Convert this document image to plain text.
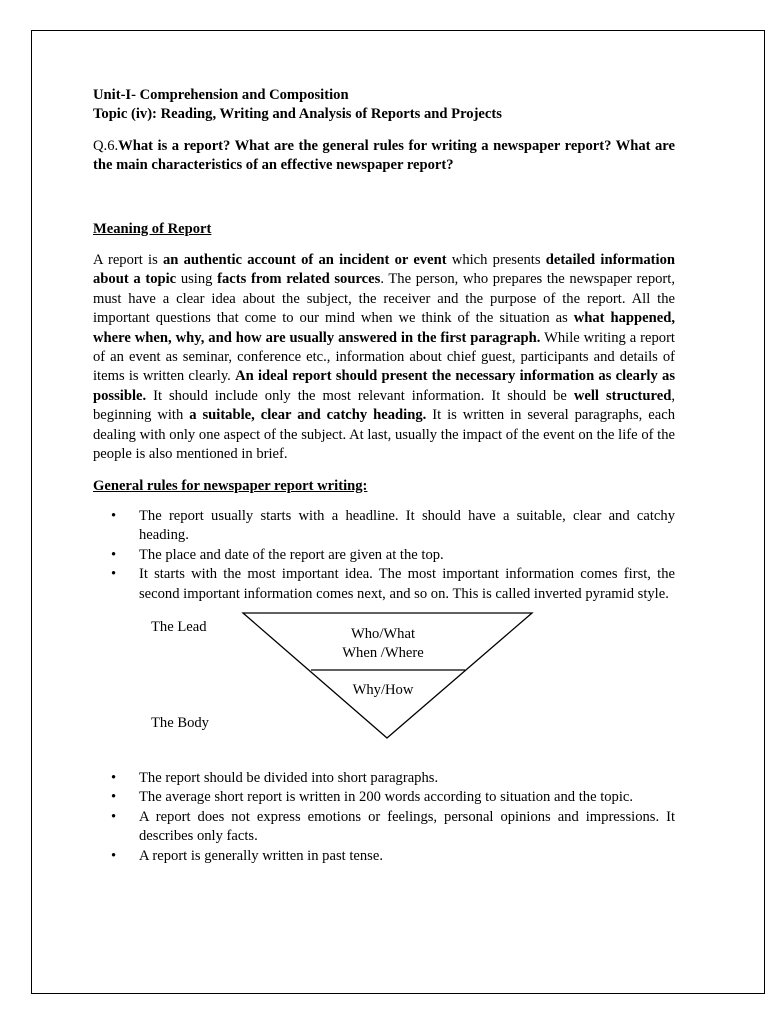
Unit-I- Comprehension and Composition

Topic (iv): Reading, Writing and Analysis of Reports and Projects

Q.6.What is a report? What are the general rules for writing a newspaper report? What are the main characteristics of an effective newspaper report?

Meaning of Report

A report is an authentic account of an incident or event which presents detailed information about a topic using facts from related sources. The person, who prepares the newspaper report, must have a clear idea about the subject, the receiver and the purpose of the report. All the important questions that come to our mind when we think of the situation as what happened, where when, why, and how are usually answered in the first paragraph. While writing a report of an event as seminar, conference etc., information about chief guest, participants and details of items is written clearly. An ideal report should present the necessary information as clearly as possible. It should include only the most relevant information. It should be well structured, beginning with a suitable, clear and catchy heading. It is written in several paragraphs, each dealing with only one aspect of the subject. At last, usually the impact of the event on the life of the people is also mentioned in brief.

General rules for newspaper report writing:

• The report usually starts with a headline. It should have a suitable, clear and catchy heading.
• The place and date of the report are given at the top.
• It starts with the most important idea. The most important information comes first, the second important information comes next, and so on. This is called inverted pyramid style.
The Lead
The Body
Who/What
When /Where
Why/How
• The report should be divided into short paragraphs.
• The average short report is written in 200 words according to situation and the topic.
• A report does not express emotions or feelings, personal opinions and impressions. It describes only facts.
• A report is generally written in past tense.
